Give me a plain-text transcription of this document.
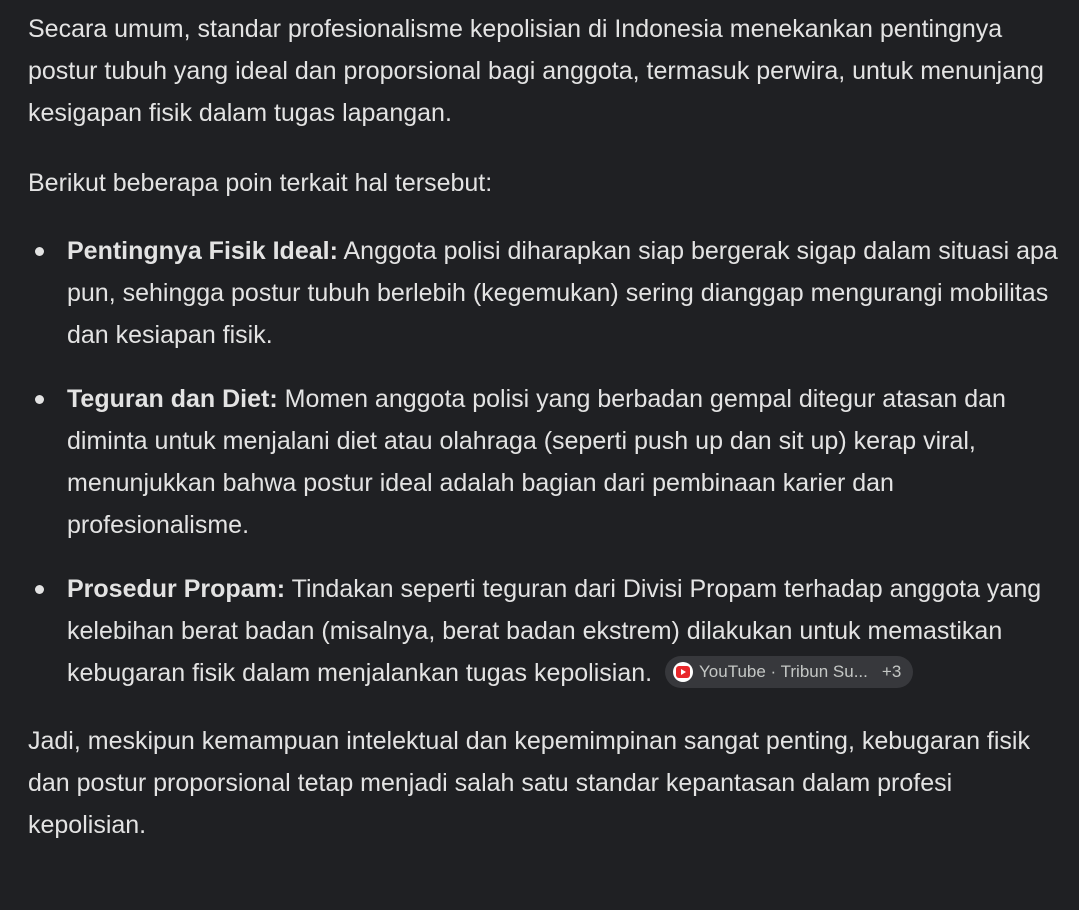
Secara umum, standar profesionalisme kepolisian di Indonesia menekankan pentingnya postur tubuh yang ideal dan proporsional bagi anggota, termasuk perwira, untuk menunjang kesigapan fisik dalam tugas lapangan.

Berikut beberapa poin terkait hal tersebut:

Pentingnya Fisik Ideal: Anggota polisi diharapkan siap bergerak sigap dalam situasi apa pun, sehingga postur tubuh berlebih (kegemukan) sering dianggap mengurangi mobilitas dan kesiapan fisik.
Teguran dan Diet: Momen anggota polisi yang berbadan gempal ditegur atasan dan diminta untuk menjalani diet atau olahraga (seperti push up dan sit up) kerap viral, menunjukkan bahwa postur ideal adalah bagian dari pembinaan karier dan profesionalisme.
Prosedur Propam: Tindakan seperti teguran dari Divisi Propam terhadap anggota yang kelebihan berat badan (misalnya, berat badan ekstrem) dilakukan untuk memastikan kebugaran fisik dalam menjalankan tugas kepolisian.	YouTube · Tribun Su... +3

Jadi, meskipun kemampuan intelektual dan kepemimpinan sangat penting, kebugaran fisik dan postur proporsional tetap menjadi salah satu standar kepantasan dalam profesi kepolisian.
